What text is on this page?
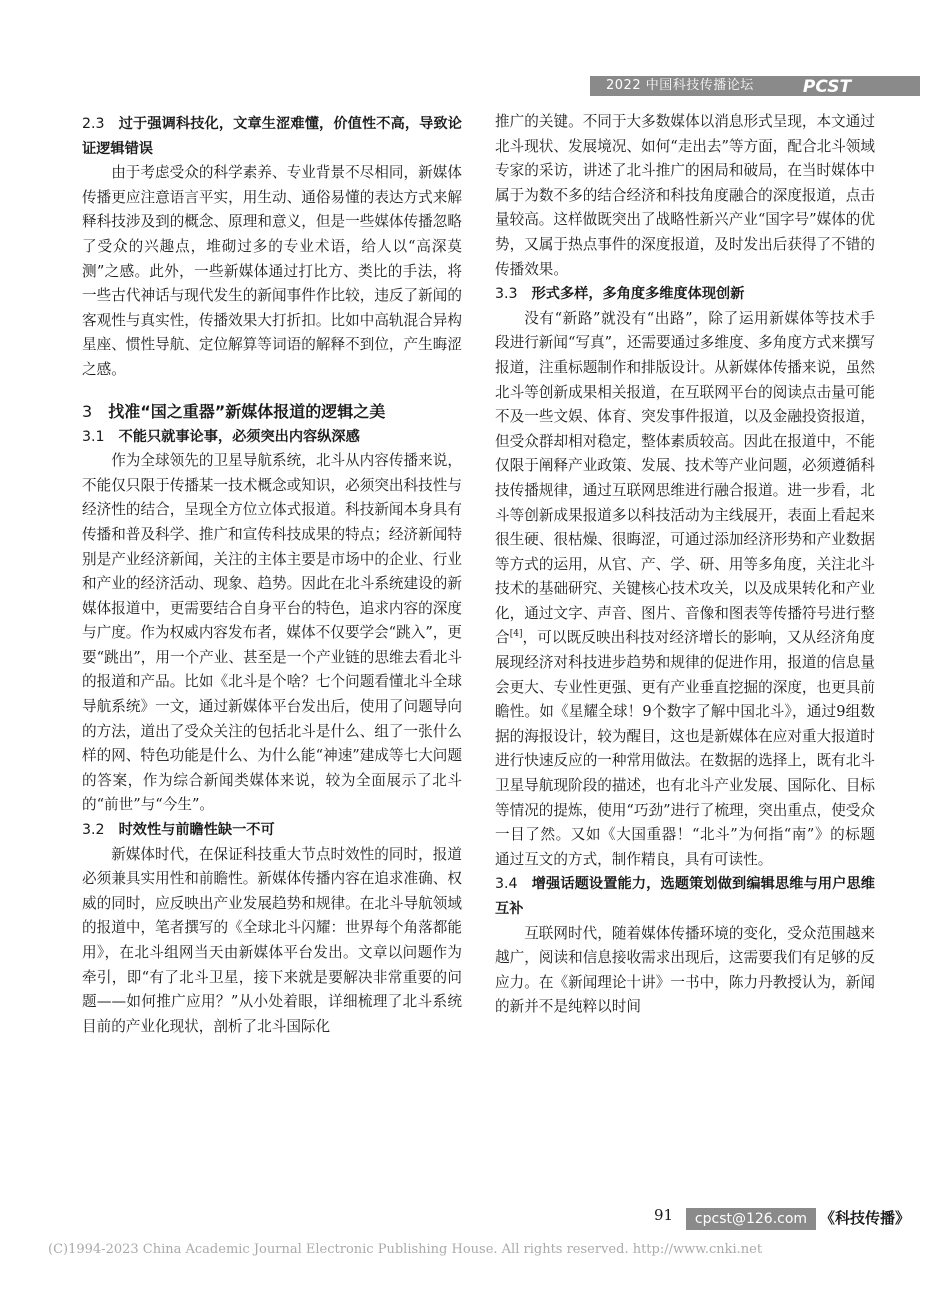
2022 中国科技传播论坛	PCST

2.3 过于强调科技化，文章生涩难懂，价值性不高，导致论证逻辑错误

由于考虑受众的科学素养、专业背景不尽相同，新媒体传播更应注意语言平实，用生动、通俗易懂的表达方式来解释科技涉及到的概念、原理和意义，但是一些媒体传播忽略了受众的兴趣点，堆砌过多的专业术语，给人以“高深莫测”之感。此外，一些新媒体通过打比方、类比的手法，将一些古代神话与现代发生的新闻事件作比较，违反了新闻的客观性与真实性，传播效果大打折扣。比如中高轨混合异构星座、惯性导航、定位解算等词语的解释不到位，产生晦涩之感。

3 找准“国之重器”新媒体报道的逻辑之美

3.1 不能只就事论事，必须突出内容纵深感

作为全球领先的卫星导航系统，北斗从内容传播来说，不能仅只限于传播某一技术概念或知识，必须突出科技性与经济性的结合，呈现全方位立体式报道。科技新闻本身具有传播和普及科学、推广和宣传科技成果的特点；经济新闻特别是产业经济新闻，关注的主体主要是市场中的企业、行业和产业的经济活动、现象、趋势。因此在北斗系统建设的新媒体报道中，更需要结合自身平台的特色，追求内容的深度与广度。作为权威内容发布者，媒体不仅要学会“跳入”，更要“跳出”，用一个产业、甚至是一个产业链的思维去看北斗的报道和产品。比如《北斗是个啥？七个问题看懂北斗全球导航系统》一文，通过新媒体平台发出后，使用了问题导向的方法，道出了受众关注的包括北斗是什么、组了一张什么样的网、特色功能是什么、为什么能“神速”建成等七大问题的答案，作为综合新闻类媒体来说，较为全面展示了北斗的“前世”与“今生”。

3.2 时效性与前瞻性缺一不可

新媒体时代，在保证科技重大节点时效性的同时，报道必须兼具实用性和前瞻性。新媒体传播内容在追求准确、权威的同时，应反映出产业发展趋势和规律。在北斗导航领域的报道中，笔者撰写的《全球北斗闪耀：世界每个角落都能用》，在北斗组网当天由新媒体平台发出。文章以问题作为牵引，即“有了北斗卫星，接下来就是要解决非常重要的问题——如何推广应用？”从小处着眼，详细梳理了北斗系统目前的产业化现状，剖析了北斗国际化

推广的关键。不同于大多数媒体以消息形式呈现，本文通过北斗现状、发展境况、如何“走出去”等方面，配合北斗领域专家的采访，讲述了北斗推广的困局和破局，在当时媒体中属于为数不多的结合经济和科技角度融合的深度报道，点击量较高。这样做既突出了战略性新兴产业“国字号”媒体的优势，又属于热点事件的深度报道，及时发出后获得了不错的传播效果。

3.3 形式多样，多角度多维度体现创新

没有“新路”就没有“出路”，除了运用新媒体等技术手段进行新闻“写真”，还需要通过多维度、多角度方式来撰写报道，注重标题制作和排版设计。从新媒体传播来说，虽然北斗等创新成果相关报道，在互联网平台的阅读点击量可能不及一些文娱、体育、突发事件报道，以及金融投资报道，但受众群却相对稳定，整体素质较高。因此在报道中，不能仅限于阐释产业政策、发展、技术等产业问题，必须遵循科技传播规律，通过互联网思维进行融合报道。进一步看，北斗等创新成果报道多以科技活动为主线展开，表面上看起来很生硬、很枯燥、很晦涩，可通过添加经济形势和产业数据等方式的运用，从官、产、学、研、用等多角度，关注北斗技术的基础研究、关键核心技术攻关，以及成果转化和产业化，通过文字、声音、图片、音像和图表等传播符号进行整合[4]，可以既反映出科技对经济增长的影响，又从经济角度展现经济对科技进步趋势和规律的促进作用，报道的信息量会更大、专业性更强、更有产业垂直挖掘的深度，也更具前瞻性。如《星耀全球！9个数字了解中国北斗》，通过9组数据的海报设计，较为醒目，这也是新媒体在应对重大报道时进行快速反应的一种常用做法。在数据的选择上，既有北斗卫星导航现阶段的描述，也有北斗产业发展、国际化、目标等情况的提炼，使用“巧劲”进行了梳理，突出重点，使受众一目了然。又如《大国重器！“北斗”为何指“南”》的标题通过互文的方式，制作精良，具有可读性。

3.4 增强话题设置能力，选题策划做到编辑思维与用户思维互补

互联网时代，随着媒体传播环境的变化，受众范围越来越广，阅读和信息接收需求出现后，这需要我们有足够的反应力。在《新闻理论十讲》一书中，陈力丹教授认为，新闻的新并不是纯粹以时间

91	cpcst@126.com 《科技传播》
(C)1994-2023 China Academic Journal Electronic Publishing House. All rights reserved. http://www.cnki.net
